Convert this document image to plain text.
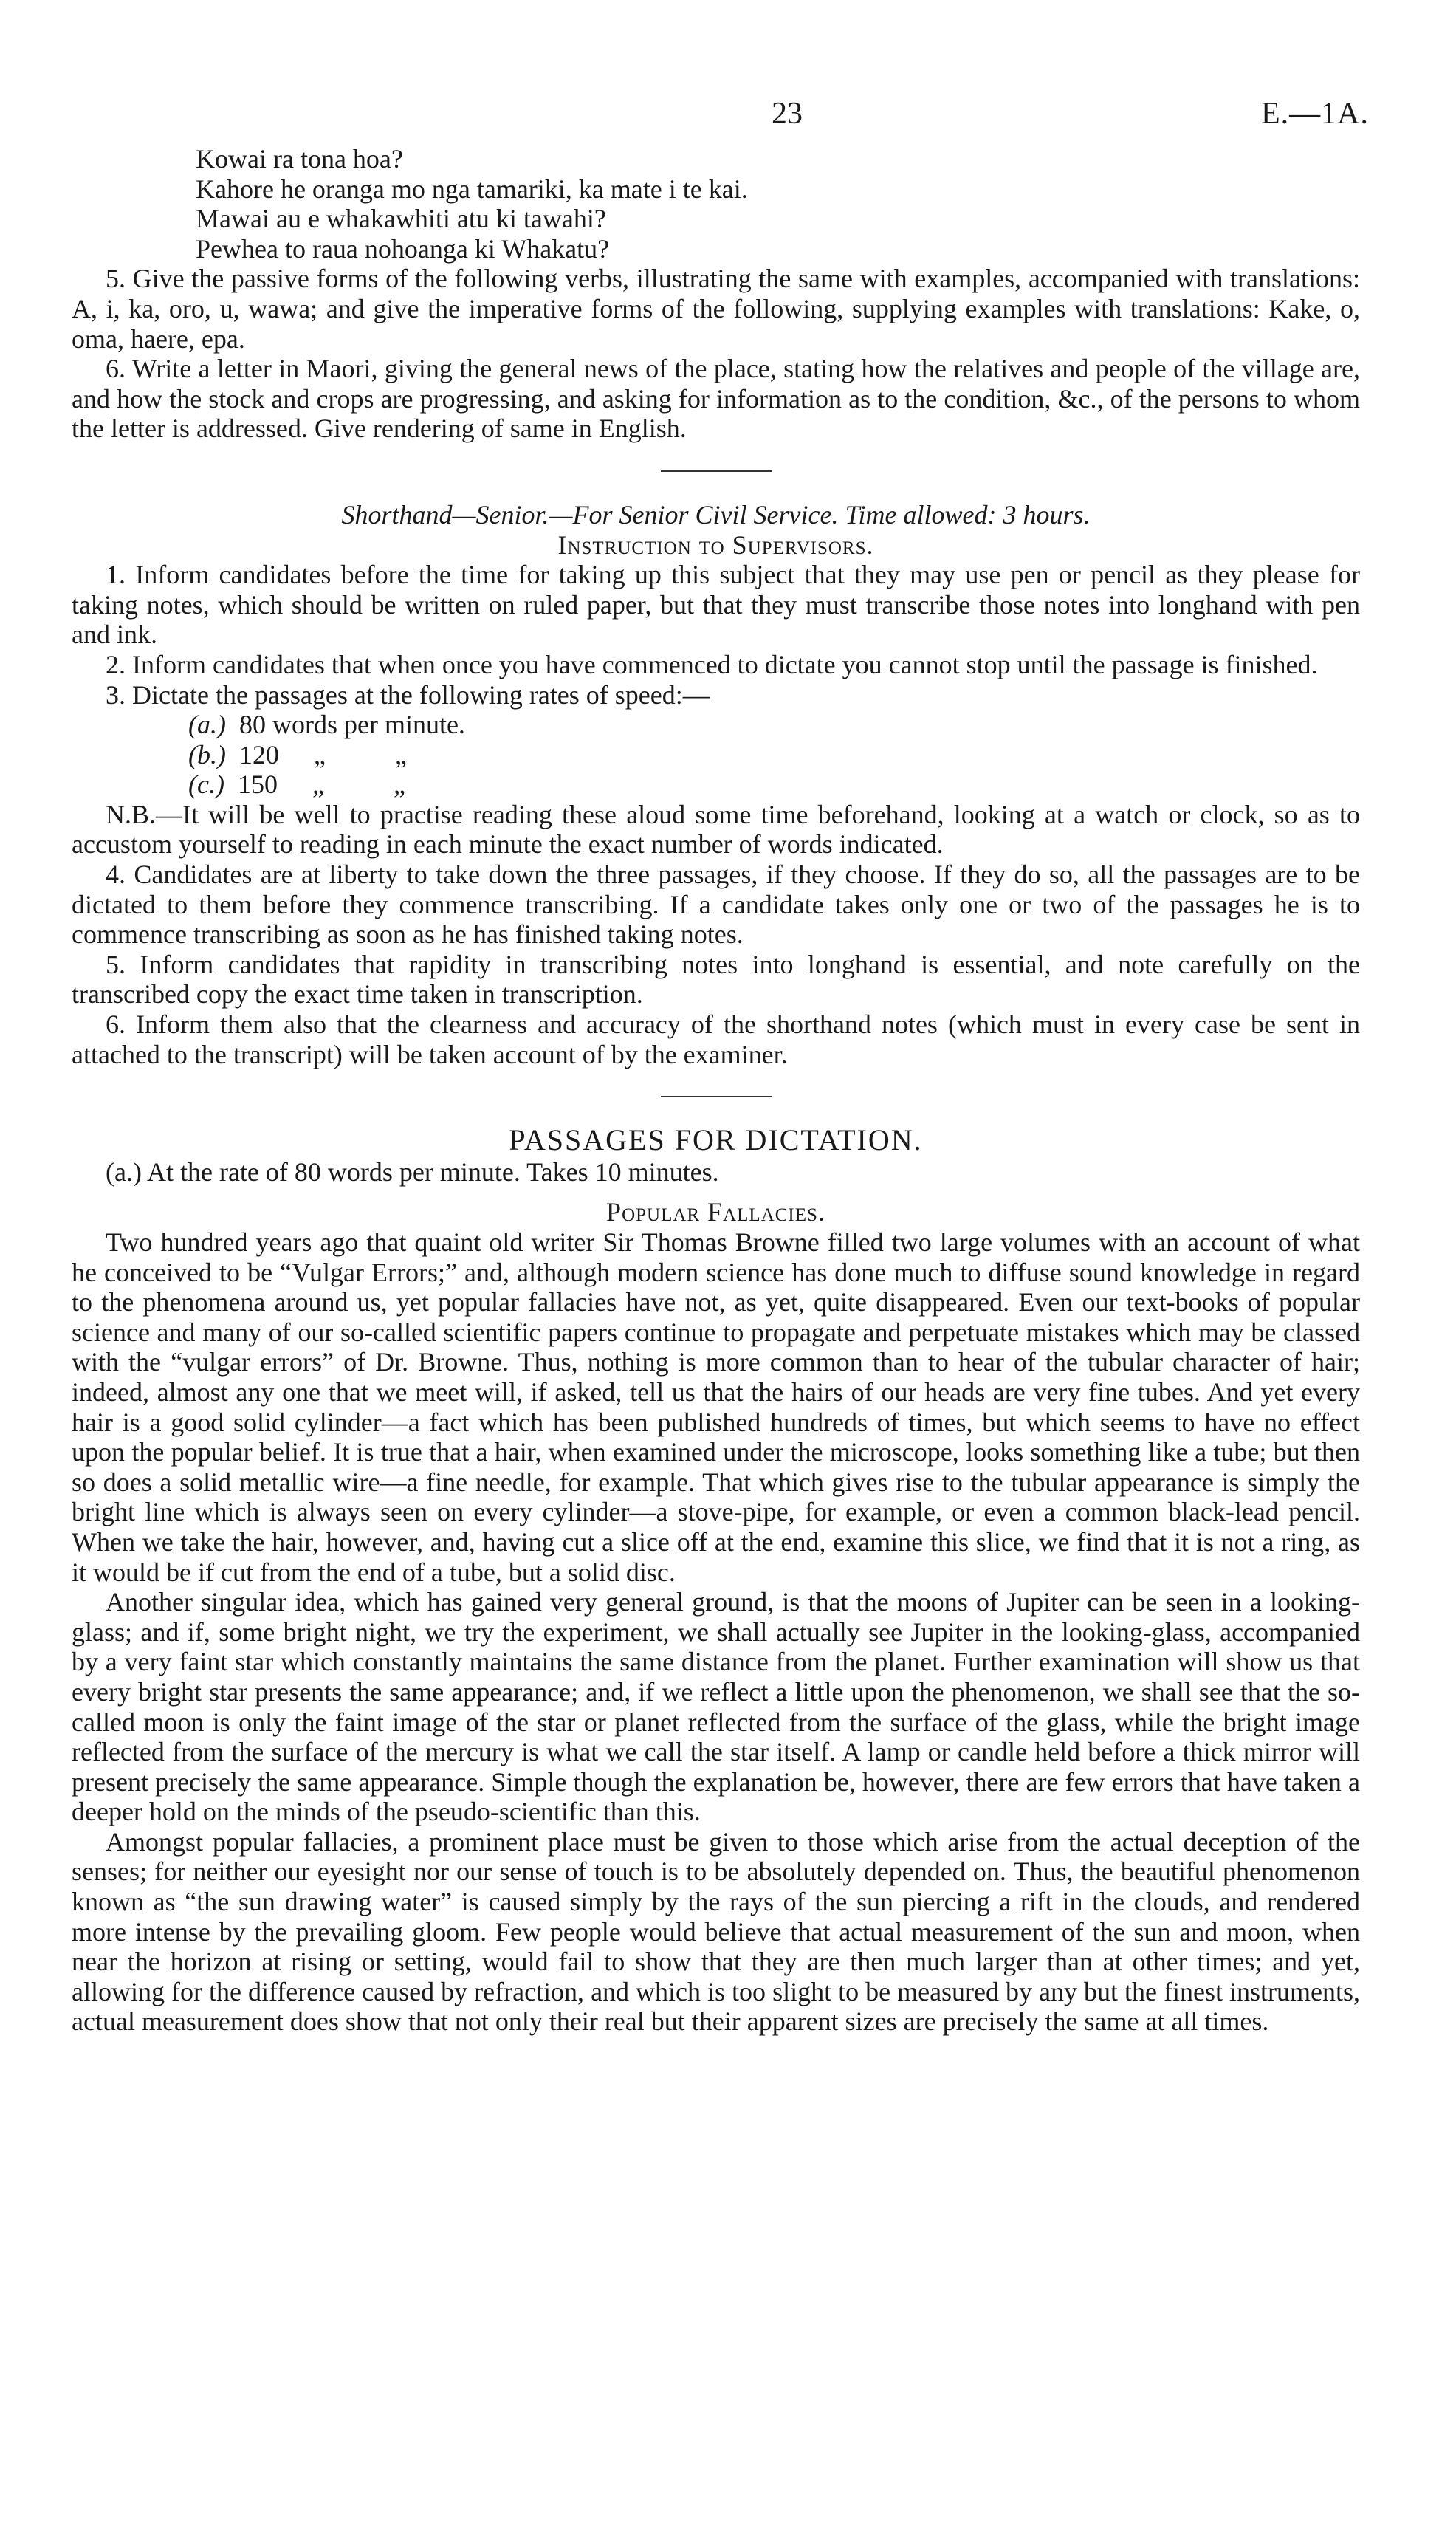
23	E.—1A.

Kowai ra tona hoa?

Kahore he oranga mo nga tamariki, ka mate i te kai.

Mawai au e whakawhiti atu ki tawahi?

Pewhea to raua nohoanga ki Whakatu?

5. Give the passive forms of the following verbs, illustrating the same with examples, accompanied with translations: A, i, ka, oro, u, wawa; and give the imperative forms of the following, supplying examples with translations: Kake, o, oma, haere, epa.

6. Write a letter in Maori, giving the general news of the place, stating how the relatives and people of the village are, and how the stock and crops are progressing, and asking for information as to the condition, &c., of the persons to whom the letter is addressed. Give rendering of same in English.

Shorthand—Senior.—For Senior Civil Service. Time allowed: 3 hours.

Instruction to Supervisors.

1. Inform candidates before the time for taking up this subject that they may use pen or pencil as they please for taking notes, which should be written on ruled paper, but that they must transcribe those notes into longhand with pen and ink.

2. Inform candidates that when once you have commenced to dictate you cannot stop until the passage is finished.

3. Dictate the passages at the following rates of speed:—

(a.) 80 words per minute.

(b.) 120 „	„

(c.) 150 „	„

N.B.—It will be well to practise reading these aloud some time beforehand, looking at a watch or clock, so as to accustom yourself to reading in each minute the exact number of words indicated.

4. Candidates are at liberty to take down the three passages, if they choose. If they do so, all the passages are to be dictated to them before they commence transcribing. If a candidate takes only one or two of the passages he is to commence transcribing as soon as he has finished taking notes.

5. Inform candidates that rapidity in transcribing notes into longhand is essential, and note carefully on the transcribed copy the exact time taken in transcription.

6. Inform them also that the clearness and accuracy of the shorthand notes (which must in every case be sent in attached to the transcript) will be taken account of by the examiner.

PASSAGES FOR DICTATION.

(a.) At the rate of 80 words per minute. Takes 10 minutes.

Popular Fallacies.

Two hundred years ago that quaint old writer Sir Thomas Browne filled two large volumes with an account of what he conceived to be “Vulgar Errors;” and, although modern science has done much to diffuse sound knowledge in regard to the phenomena around us, yet popular fallacies have not, as yet, quite disappeared. Even our text-books of popular science and many of our so-called scientific papers continue to propagate and perpetuate mistakes which may be classed with the “vulgar errors” of Dr. Browne. Thus, nothing is more common than to hear of the tubular character of hair; indeed, almost any one that we meet will, if asked, tell us that the hairs of our heads are very fine tubes. And yet every hair is a good solid cylinder—a fact which has been published hundreds of times, but which seems to have no effect upon the popular belief. It is true that a hair, when examined under the microscope, looks something like a tube; but then so does a solid metallic wire—a fine needle, for example. That which gives rise to the tubular appearance is simply the bright line which is always seen on every cylinder—a stove-pipe, for example, or even a common black-lead pencil. When we take the hair, however, and, having cut a slice off at the end, examine this slice, we find that it is not a ring, as it would be if cut from the end of a tube, but a solid disc.

Another singular idea, which has gained very general ground, is that the moons of Jupiter can be seen in a looking-glass; and if, some bright night, we try the experiment, we shall actually see Jupiter in the looking-glass, accompanied by a very faint star which constantly maintains the same distance from the planet. Further examination will show us that every bright star presents the same appearance; and, if we reflect a little upon the phenomenon, we shall see that the so-called moon is only the faint image of the star or planet reflected from the surface of the glass, while the bright image reflected from the surface of the mercury is what we call the star itself. A lamp or candle held before a thick mirror will present precisely the same appearance. Simple though the explanation be, however, there are few errors that have taken a deeper hold on the minds of the pseudo-scientific than this.

Amongst popular fallacies, a prominent place must be given to those which arise from the actual deception of the senses; for neither our eyesight nor our sense of touch is to be absolutely depended on. Thus, the beautiful phenomenon known as “the sun drawing water” is caused simply by the rays of the sun piercing a rift in the clouds, and rendered more intense by the prevailing gloom. Few people would believe that actual measurement of the sun and moon, when near the horizon at rising or setting, would fail to show that they are then much larger than at other times; and yet, allowing for the difference caused by refraction, and which is too slight to be measured by any but the finest instruments, actual measurement does show that not only their real but their apparent sizes are precisely the same at all times.
